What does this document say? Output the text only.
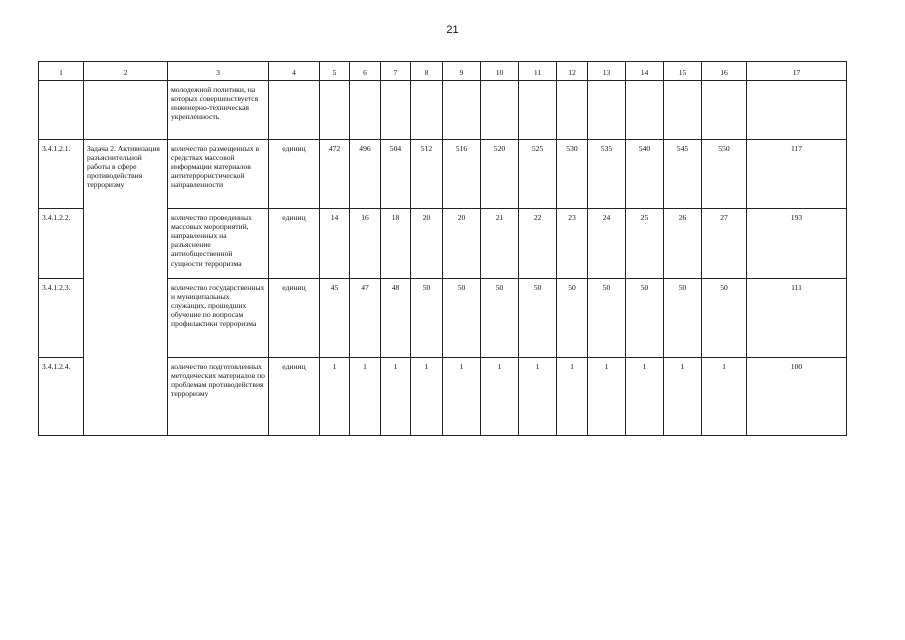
21
1	2	3	4	5	6	7	8	9	10	11	12	13	14	15	16	17
		молодежной политики, на которых совершенствуется инженерно-техническая укрепленность														
3.4.1.2.1.	Задача 2. Активизация разъяснительной работы в сфере противодействия терроризму	количество размещенных в средствах массовой информации материалов антитеррористической направленности	единиц	472	496	504	512	516	520	525	530	535	540	545	550	117
3.4.1.2.2.		количество проведенных массовых мероприятий, направленных на разъяснение антиобщественной сущности терроризма	единиц	14	16	18	20	20	21	22	23	24	25	26	27	193
3.4.1.2.3.		количество государственных и муниципальных служащих, прошедших обучение по вопросам профилактики терроризма	единиц	45	47	48	50	50	50	50	50	50	50	50	50	111
3.4.1.2.4.		количество подготовленных методических материалов по проблемам противодействия терроризму	единиц	1	1	1	1	1	1	1	1	1	1	1	1	100
